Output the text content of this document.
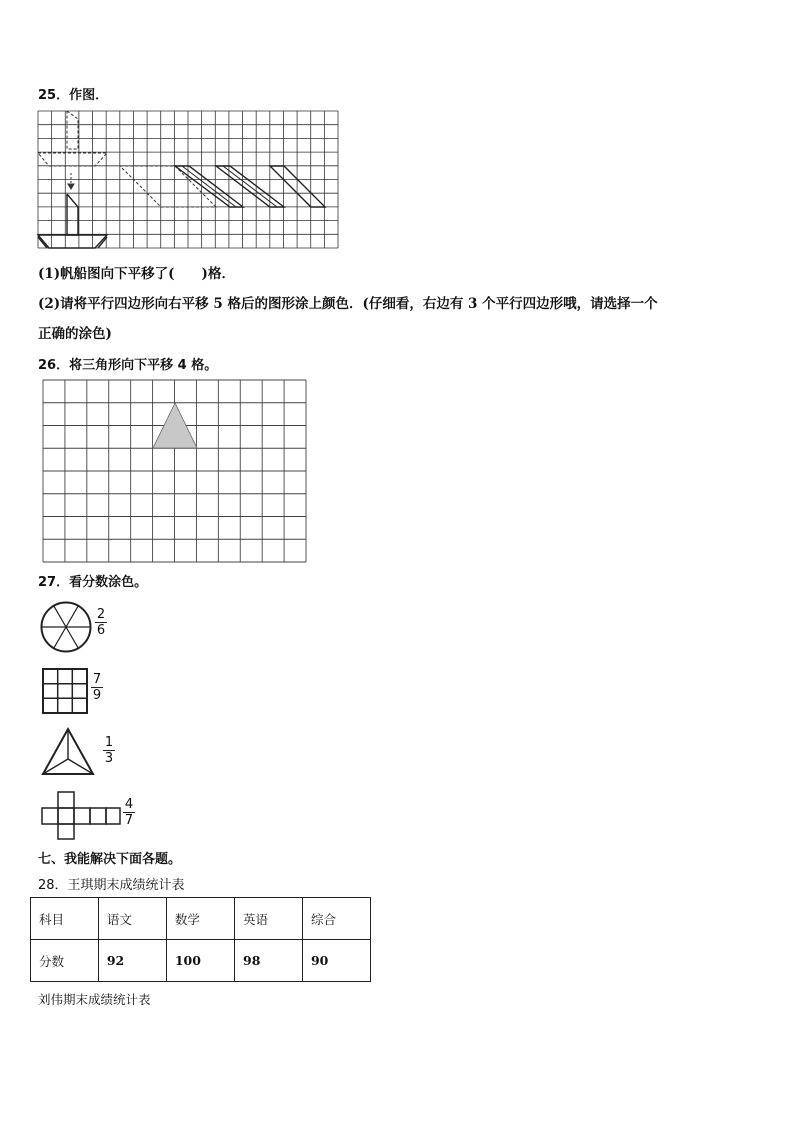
25．作图．
(1)帆船图向下平移了(　　)格．
(2)请将平行四边形向右平移 5 格后的图形涂上颜色．(仔细看，右边有 3 个平行四边形哦，请选择一个
正确的涂色)
26．将三角形向下平移 4 格。
27．看分数涂色。
2
6
7
9
1
3
4
7
七、我能解决下面各题。
28．王琪期末成绩统计表
科目	语文	数学	英语	综合
分数	92	100	98	90
刘伟期末成绩统计表
